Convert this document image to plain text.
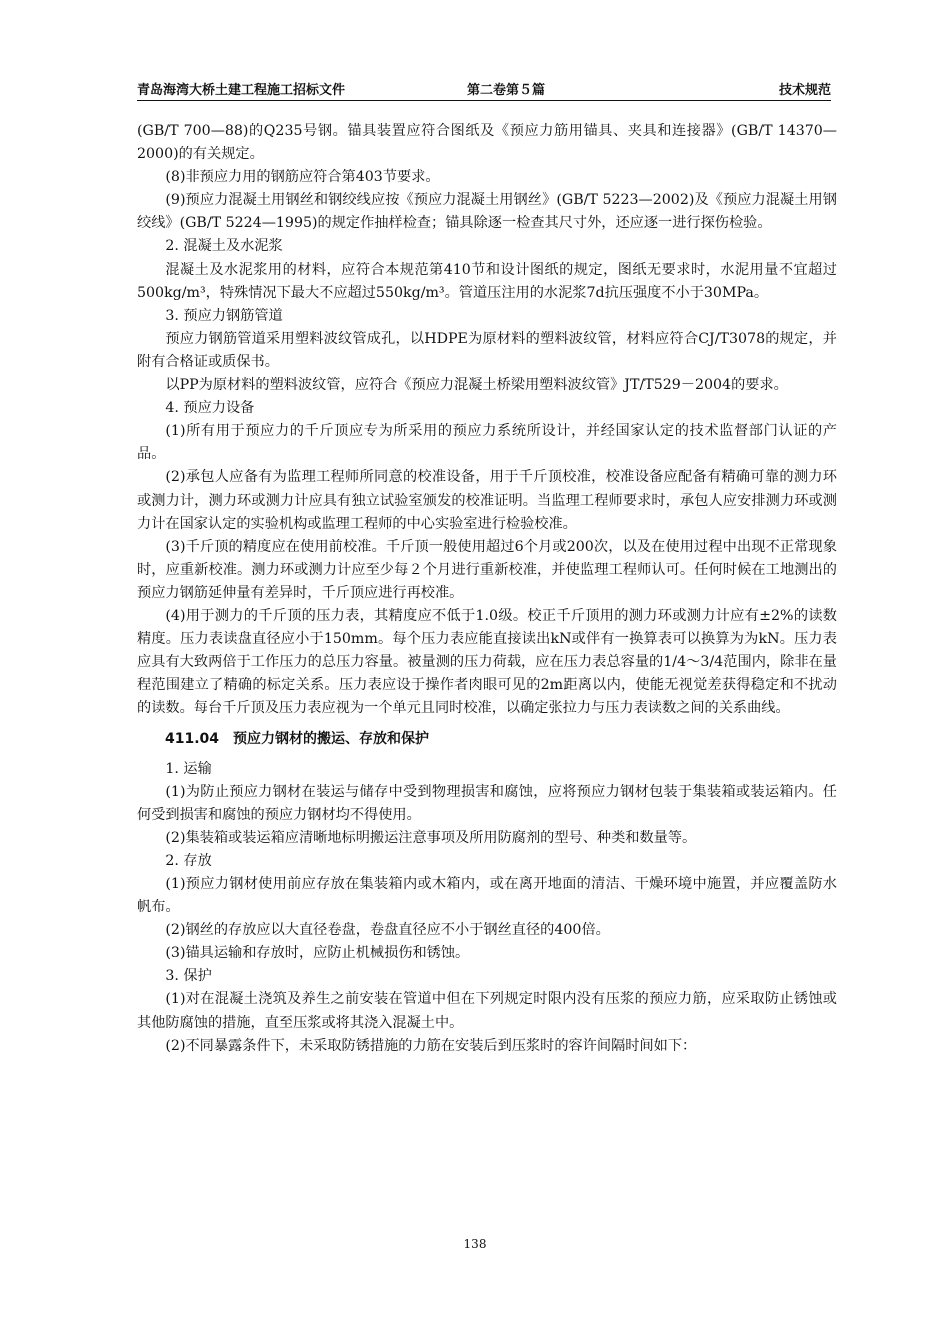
青岛海湾大桥土建工程施工招标文件	第二卷第５篇	技术规范

(GB/T 700—88)的Q235号钢。锚具装置应符合图纸及《预应力筋用锚具、夹具和连接器》(GB/T 14370—2000)的有关规定。

(8)非预应力用的钢筋应符合第403节要求。

(9)预应力混凝土用钢丝和钢绞线应按《预应力混凝土用钢丝》(GB/T 5223—2002)及《预应力混凝土用钢绞线》(GB/T 5224—1995)的规定作抽样检查；锚具除逐一检查其尺寸外，还应逐一进行探伤检验。

2. 混凝土及水泥浆

混凝土及水泥浆用的材料，应符合本规范第410节和设计图纸的规定，图纸无要求时，水泥用量不宜超过500kg/m³，特殊情况下最大不应超过550kg/m³。管道压注用的水泥浆7d抗压强度不小于30MPa。

3. 预应力钢筋管道

预应力钢筋管道采用塑料波纹管成孔，以HDPE为原材料的塑料波纹管，材料应符合CJ/T3078的规定，并附有合格证或质保书。

以PP为原材料的塑料波纹管，应符合《预应力混凝土桥梁用塑料波纹管》JT/T529－2004的要求。

4. 预应力设备

(1)所有用于预应力的千斤顶应专为所采用的预应力系统所设计，并经国家认定的技术监督部门认证的产品。

(2)承包人应备有为监理工程师所同意的校准设备，用于千斤顶校准，校准设备应配备有精确可靠的测力环或测力计，测力环或测力计应具有独立试验室颁发的校准证明。当监理工程师要求时，承包人应安排测力环或测力计在国家认定的实验机构或监理工程师的中心实验室进行检验校准。

(3)千斤顶的精度应在使用前校准。千斤顶一般使用超过6个月或200次，以及在使用过程中出现不正常现象时，应重新校准。测力环或测力计应至少每２个月进行重新校准，并使监理工程师认可。任何时候在工地测出的预应力钢筋延伸量有差异时，千斤顶应进行再校准。

(4)用于测力的千斤顶的压力表，其精度应不低于1.0级。校正千斤顶用的测力环或测力计应有±2%的读数精度。压力表读盘直径应小于150mm。每个压力表应能直接读出kN或伴有一换算表可以换算为为kN。压力表应具有大致两倍于工作压力的总压力容量。被量测的压力荷载，应在压力表总容量的1/4～3/4范围内，除非在量程范围建立了精确的标定关系。压力表应设于操作者肉眼可见的2m距离以内，使能无视觉差获得稳定和不扰动的读数。每台千斤顶及压力表应视为一个单元且同时校准，以确定张拉力与压力表读数之间的关系曲线。

411.04　预应力钢材的搬运、存放和保护

1. 运输

(1)为防止预应力钢材在装运与储存中受到物理损害和腐蚀，应将预应力钢材包装于集装箱或装运箱内。任何受到损害和腐蚀的预应力钢材均不得使用。

(2)集装箱或装运箱应清晰地标明搬运注意事项及所用防腐剂的型号、种类和数量等。

2. 存放

(1)预应力钢材使用前应存放在集装箱内或木箱内，或在离开地面的清洁、干燥环境中施置，并应覆盖防水帆布。

(2)钢丝的存放应以大直径卷盘，卷盘直径应不小于钢丝直径的400倍。

(3)锚具运输和存放时，应防止机械损伤和锈蚀。

3. 保护

(1)对在混凝土浇筑及养生之前安装在管道中但在下列规定时限内没有压浆的预应力筋，应采取防止锈蚀或其他防腐蚀的措施，直至压浆或将其浇入混凝土中。

(2)不同暴露条件下，未采取防锈措施的力筋在安装后到压浆时的容许间隔时间如下：

138
